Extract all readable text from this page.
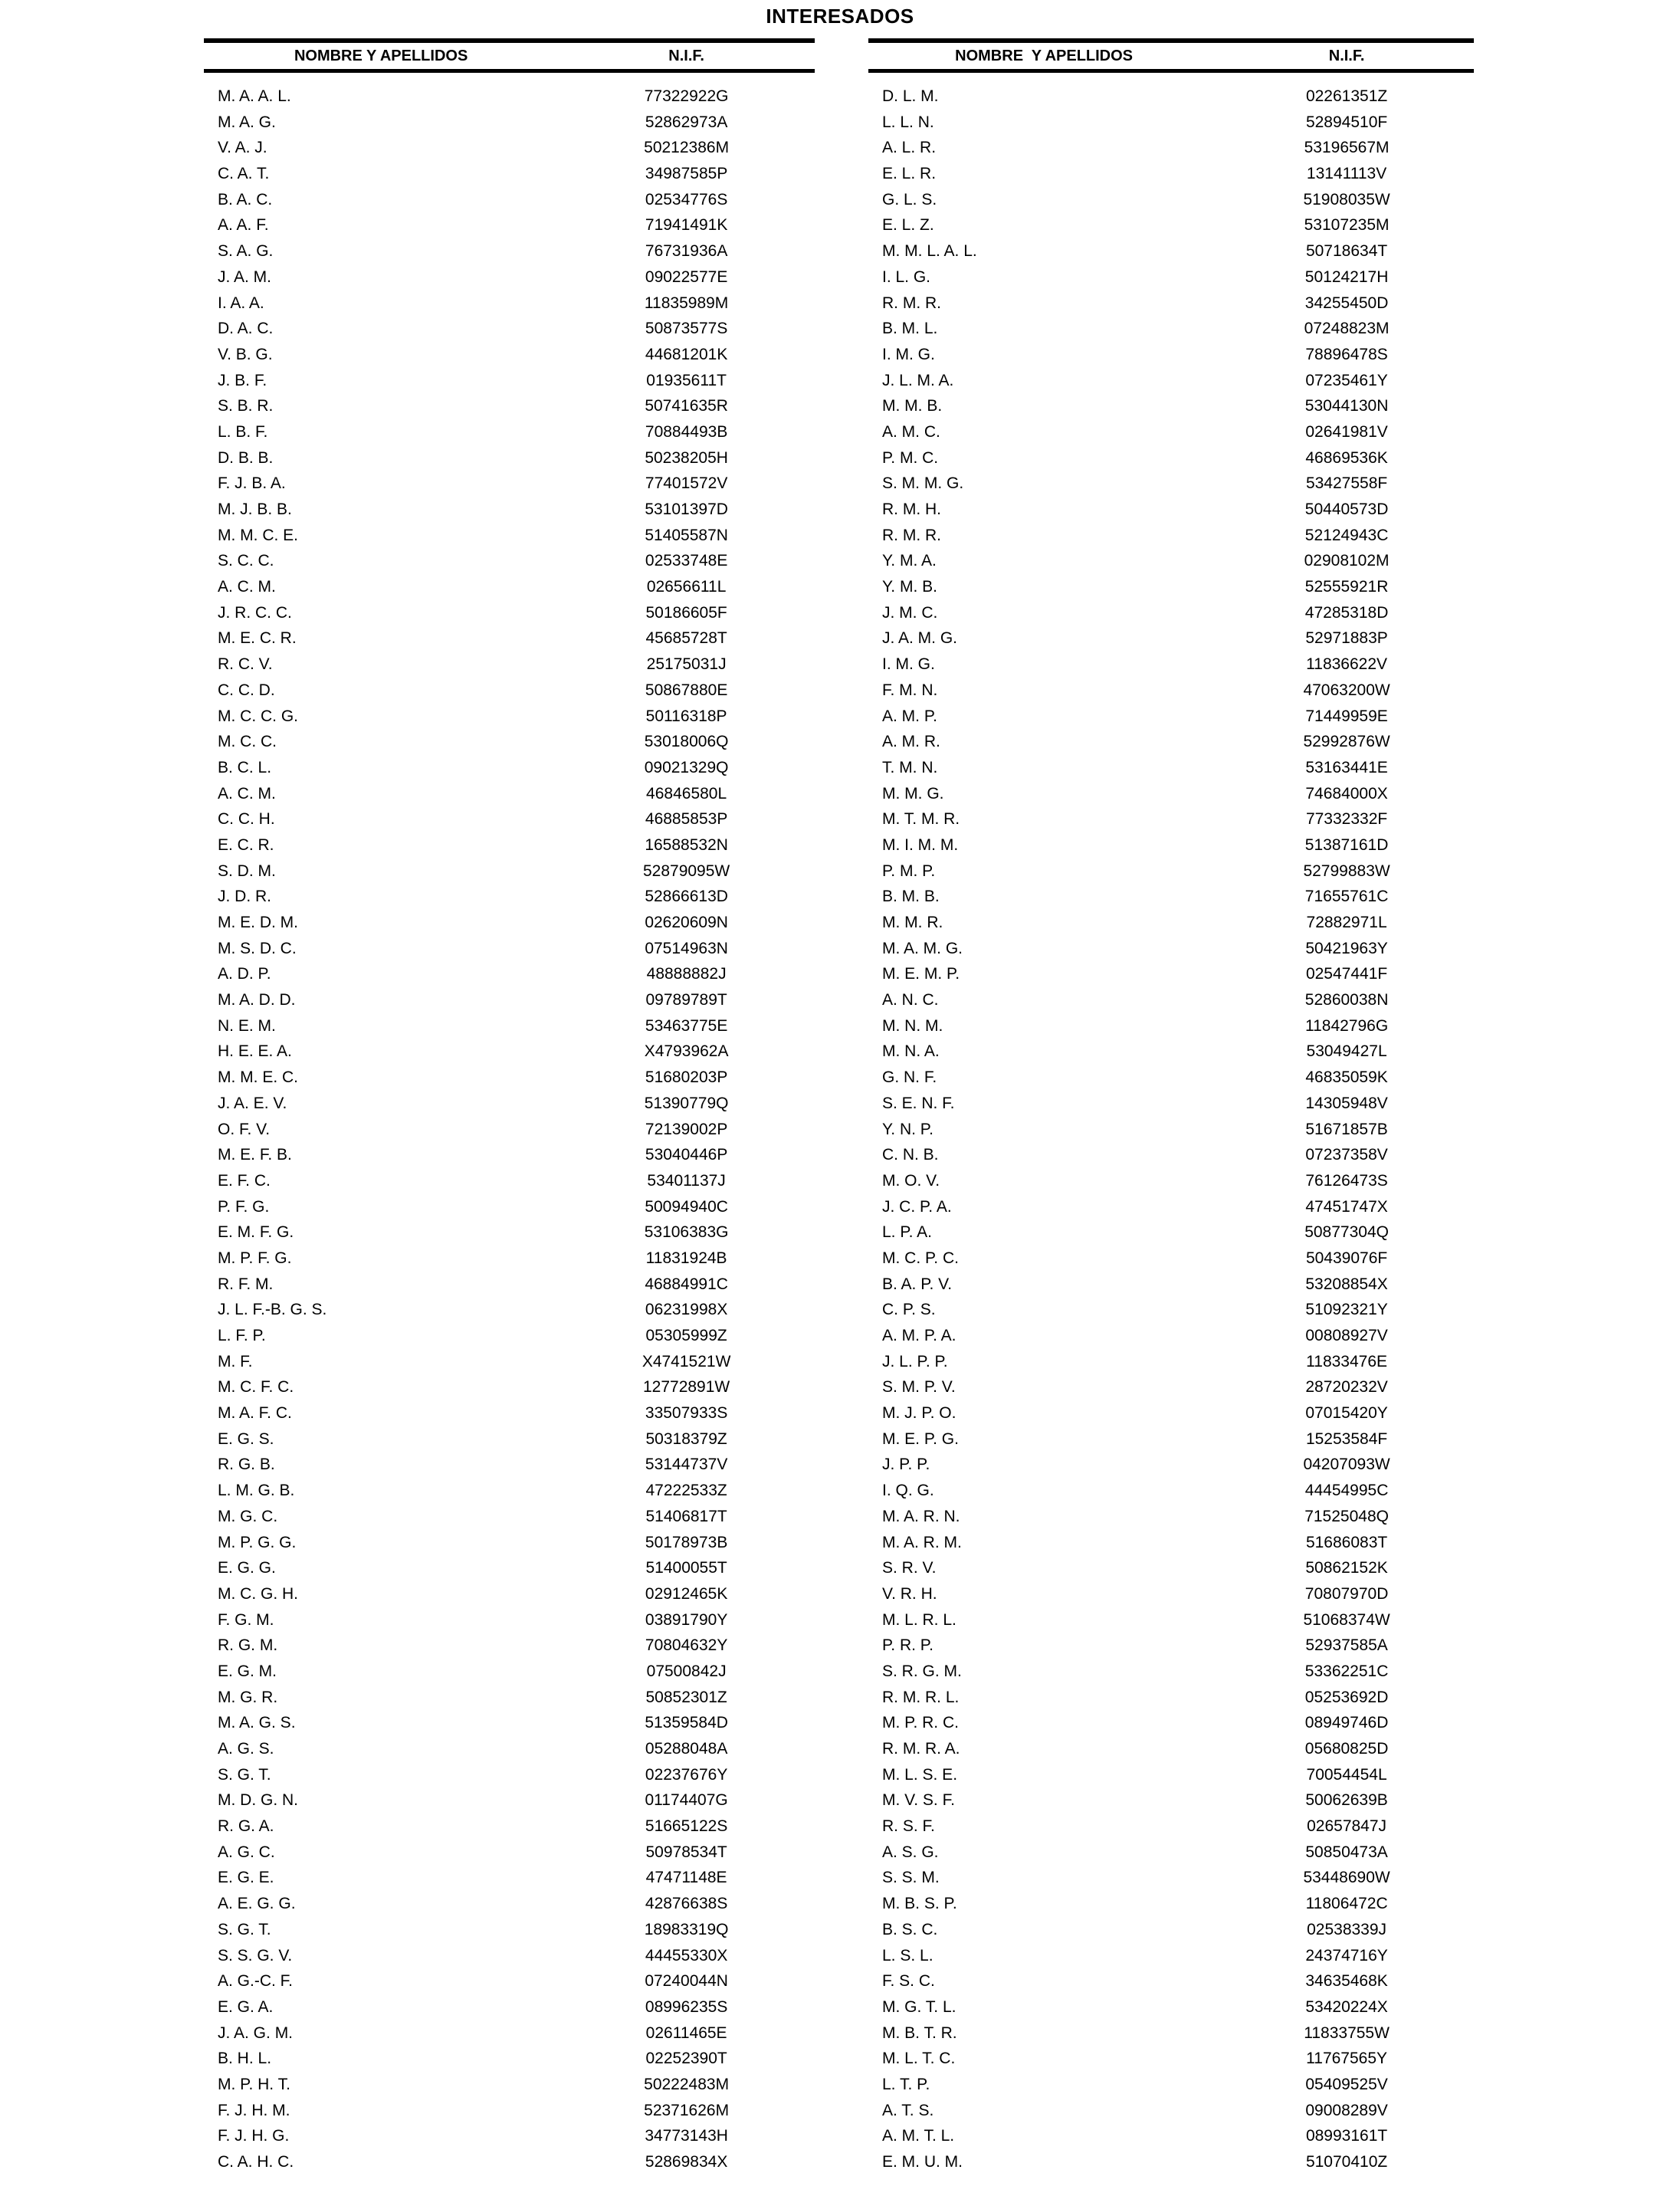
INTERESADOS
NOMBRE Y APELLIDOS	N.I.F.
M. A. A. L.	77322922G
M. A. G.	52862973A
V. A. J.	50212386M
C. A. T.	34987585P
B. A. C.	02534776S
A. A. F.	71941491K
S. A. G.	76731936A
J. A. M.	09022577E
I. A. A.	11835989M
D. A. C.	50873577S
V. B. G.	44681201K
J. B. F.	01935611T
S. B. R.	50741635R
L. B. F.	70884493B
D. B. B.	50238205H
F. J. B. A.	77401572V
M. J. B. B.	53101397D
M. M. C. E.	51405587N
S. C. C.	02533748E
A. C. M.	02656611L
J. R. C. C.	50186605F
M. E. C. R.	45685728T
R. C. V.	25175031J
C. C. D.	50867880E
M. C. C. G.	50116318P
M. C. C.	53018006Q
B. C. L.	09021329Q
A. C. M.	46846580L
C. C. H.	46885853P
E. C. R.	16588532N
S. D. M.	52879095W
J. D. R.	52866613D
M. E. D. M.	02620609N
M. S. D. C.	07514963N
A. D. P.	48888882J
M. A. D. D.	09789789T
N. E. M.	53463775E
H. E. E. A.	X4793962A
M. M. E. C.	51680203P
J. A. E. V.	51390779Q
O. F. V.	72139002P
M. E. F. B.	53040446P
E. F. C.	53401137J
P. F. G.	50094940C
E. M. F. G.	53106383G
M. P. F. G.	11831924B
R. F. M.	46884991C
J. L. F.-B. G. S.	06231998X
L. F. P.	05305999Z
M. F.	X4741521W
M. C. F. C.	12772891W
M. A. F. C.	33507933S
E. G. S.	50318379Z
R. G. B.	53144737V
L. M. G. B.	47222533Z
M. G. C.	51406817T
M. P. G. G.	50178973B
E. G. G.	51400055T
M. C. G. H.	02912465K
F. G. M.	03891790Y
R. G. M.	70804632Y
E. G. M.	07500842J
M. G. R.	50852301Z
M. A. G. S.	51359584D
A. G. S.	05288048A
S. G. T.	02237676Y
M. D. G. N.	01174407G
R. G. A.	51665122S
A. G. C.	50978534T
E. G. E.	47471148E
A. E. G. G.	42876638S
S. G. T.	18983319Q
S. S. G. V.	44455330X
A. G.-C. F.	07240044N
E. G. A.	08996235S
J. A. G. M.	02611465E
B. H. L.	02252390T
M. P. H. T.	50222483M
F. J. H. M.	52371626M
F. J. H. G.	34773143H
C. A. H. C.	52869834X
NOMBRE  Y APELLIDOS	N.I.F.
D. L. M.	02261351Z
L. L. N.	52894510F
A. L. R.	53196567M
E. L. R.	13141113V
G. L. S.	51908035W
E. L. Z.	53107235M
M. M. L. A. L.	50718634T
I. L. G.	50124217H
R. M. R.	34255450D
B. M. L.	07248823M
I. M. G.	78896478S
J. L. M. A.	07235461Y
M. M. B.	53044130N
A. M. C.	02641981V
P. M. C.	46869536K
S. M. M. G.	53427558F
R. M. H.	50440573D
R. M. R.	52124943C
Y. M. A.	02908102M
Y. M. B.	52555921R
J. M. C.	47285318D
J. A. M. G.	52971883P
I. M. G.	11836622V
F. M. N.	47063200W
A. M. P.	71449959E
A. M. R.	52992876W
T. M. N.	53163441E
M. M. G.	74684000X
M. T. M. R.	77332332F
M. I. M. M.	51387161D
P. M. P.	52799883W
B. M. B.	71655761C
M. M. R.	72882971L
M. A. M. G.	50421963Y
M. E. M. P.	02547441F
A. N. C.	52860038N
M. N. M.	11842796G
M. N. A.	53049427L
G. N. F.	46835059K
S. E. N. F.	14305948V
Y. N. P.	51671857B
C. N. B.	07237358V
M. O. V.	76126473S
J. C. P. A.	47451747X
L. P. A.	50877304Q
M. C. P. C.	50439076F
B. A. P. V.	53208854X
C. P. S.	51092321Y
A. M. P. A.	00808927V
J. L. P. P.	11833476E
S. M. P. V.	28720232V
M. J. P. O.	07015420Y
M. E. P. G.	15253584F
J. P. P.	04207093W
I. Q. G.	44454995C
M. A. R. N.	71525048Q
M. A. R. M.	51686083T
S. R. V.	50862152K
V. R. H.	70807970D
M. L. R. L.	51068374W
P. R. P.	52937585A
S. R. G. M.	53362251C
R. M. R. L.	05253692D
M. P. R. C.	08949746D
R. M. R. A.	05680825D
M. L. S. E.	70054454L
M. V. S. F.	50062639B
R. S. F.	02657847J
A. S. G.	50850473A
S. S. M.	53448690W
M. B. S. P.	11806472C
B. S. C.	02538339J
L. S. L.	24374716Y
F. S. C.	34635468K
M. G. T. L.	53420224X
M. B. T. R.	11833755W
M. L. T. C.	11767565Y
L. T. P.	05409525V
A. T. S.	09008289V
A. M. T. L.	08993161T
E. M. U. M.	51070410Z
